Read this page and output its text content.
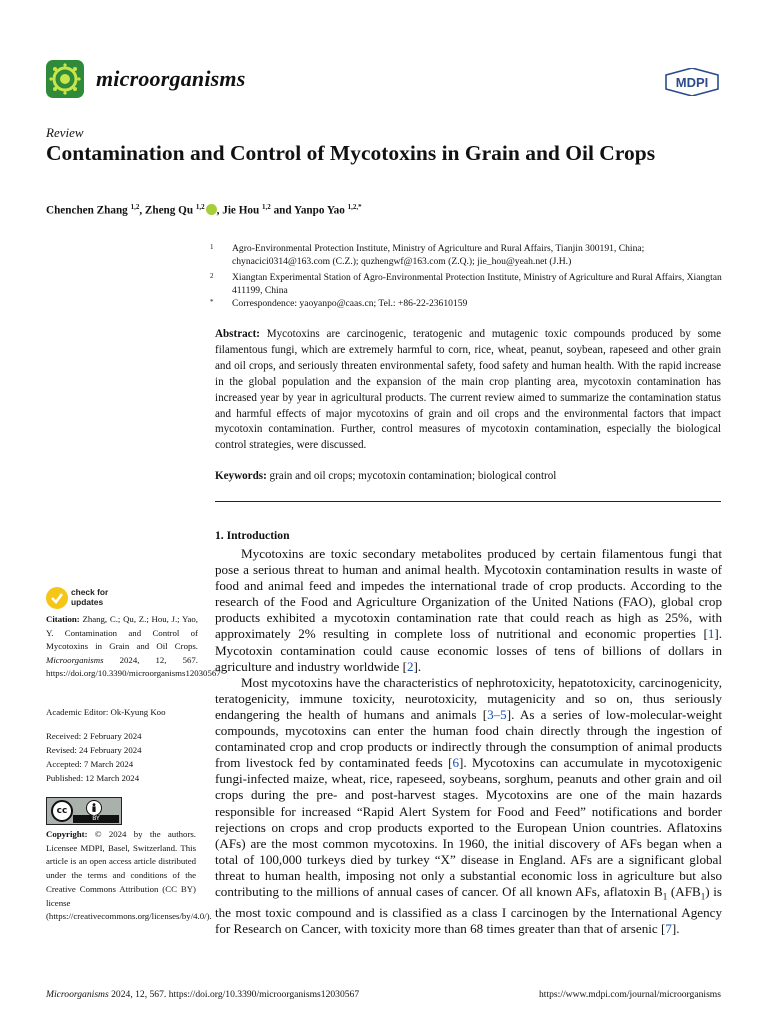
microorganisms	MDPI
Review
Contamination and Control of Mycotoxins in Grain and Oil Crops
Chenchen Zhang $^{1,2}$, Zheng Qu $^{1,2}$ , Jie Hou $^{1,2}$ and Yanpo Yao $^{1,2,*}$
1 Agro-Environmental Protection Institute, Ministry of Agriculture and Rural Affairs, Tianjin 300191, China; chynacici0314@163.com (C.Z.); quzhengwf@163.com (Z.Q.); jie_hou@yeah.net (J.H.)
2 Xiangtan Experimental Station of Agro-Environmental Protection Institute, Ministry of Agriculture and Rural Affairs, Xiangtan 411199, China
* Correspondence: yaoyanpo@caas.cn; Tel.: +86-22-23610159
Abstract: Mycotoxins are carcinogenic, teratogenic and mutagenic toxic compounds produced by some filamentous fungi, which are extremely harmful to corn, rice, wheat, peanut, soybean, rapeseed and other grain and oil crops, and seriously threaten environmental safety, food safety and human health. With the rapid increase in the global population and the expansion of the main crop planting area, mycotoxin contamination has increased year by year in agricultural products. The current review aimed to summarize the contamination status and harmful effects of major mycotoxins of grain and oil crops and the environmental factors that impact mycotoxin contamination. Further, control measures of mycotoxin contamination, especially the biological control strategies, were discussed.
Keywords: grain and oil crops; mycotoxin contamination; biological control
1. Introduction

Mycotoxins are toxic secondary metabolites produced by certain filamentous fungi that pose a serious threat to human and animal health. Mycotoxin contamination results in waste of food and animal feed and impedes the international trade of crop products. According to the research of the Food and Agriculture Organization of the United Nations (FAO), global crop products exhibited a mycotoxin contamination rate that could reach as high as 25%, with approximately 2% resulting in complete loss of nutritional and economic properties [1]. Mycotoxin contamination could cause economic losses of tens of billions of dollars in agriculture and industry worldwide [2].

Most mycotoxins have the characteristics of nephrotoxicity, hepatotoxicity, carcinogenicity, teratogenicity, immune toxicity, neurotoxicity, mutagenicity and so on, thus seriously endangering the health of humans and animals [3–5]. As a series of low-molecular-weight compounds, mycotoxins can enter the human food chain directly through the ingestion of contaminated crop and crop products or indirectly through the consumption of animal products from livestock fed by contaminated feeds [6]. Mycotoxins can accumulate in mycotoxigenic fungi-infected maize, wheat, rice, rapeseed, soybeans, sorghum, peanuts and other grain and oil crops during the pre- and post-harvest stages. Mycotoxins are one of the main hazards responsible for increased “Rapid Alert System for Food and Feed” notifications and border rejections on crops and crop products exported to the European Union countries. Aflatoxins (AFs) are the most common mycotoxins. In 1960, the initial discovery of AFs began when a total of 100,000 turkeys died by turkey “X” disease in England. AFs are a significant global threat to human health, imposing not only a substantial economic loss in agriculture but also contributing to the millions of annual cases of cancer. Of all known AFs, aflatoxin $B_1$ $(AFB_1)$ is the most toxic compound and is classified as a class I carcinogen by the International Agency for Research on Cancer, with toxicity more than 68 times greater than that of arsenic [7].

check for
updates
Citation: Zhang, C.; Qu, Z.; Hou, J.; Yao, Y. Contamination and Control of Mycotoxins in Grain and Oil Crops. Microorganisms 2024, 12, 567. https://doi.org/10.3390/microorganisms12030567
Academic Editor: Ok-Kyung Koo
Received: 2 February 2024
Revised: 24 February 2024
Accepted: 7 March 2024
Published: 12 March 2024
cc
BY
Copyright: © 2024 by the authors. Licensee MDPI, Basel, Switzerland. This article is an open access article distributed under the terms and conditions of the Creative Commons Attribution (CC BY) license (https://creativecommons.org/licenses/by/4.0/).
Microorganisms 2024, 12, 567. https://doi.org/10.3390/microorganisms12030567	https://www.mdpi.com/journal/microorganisms
